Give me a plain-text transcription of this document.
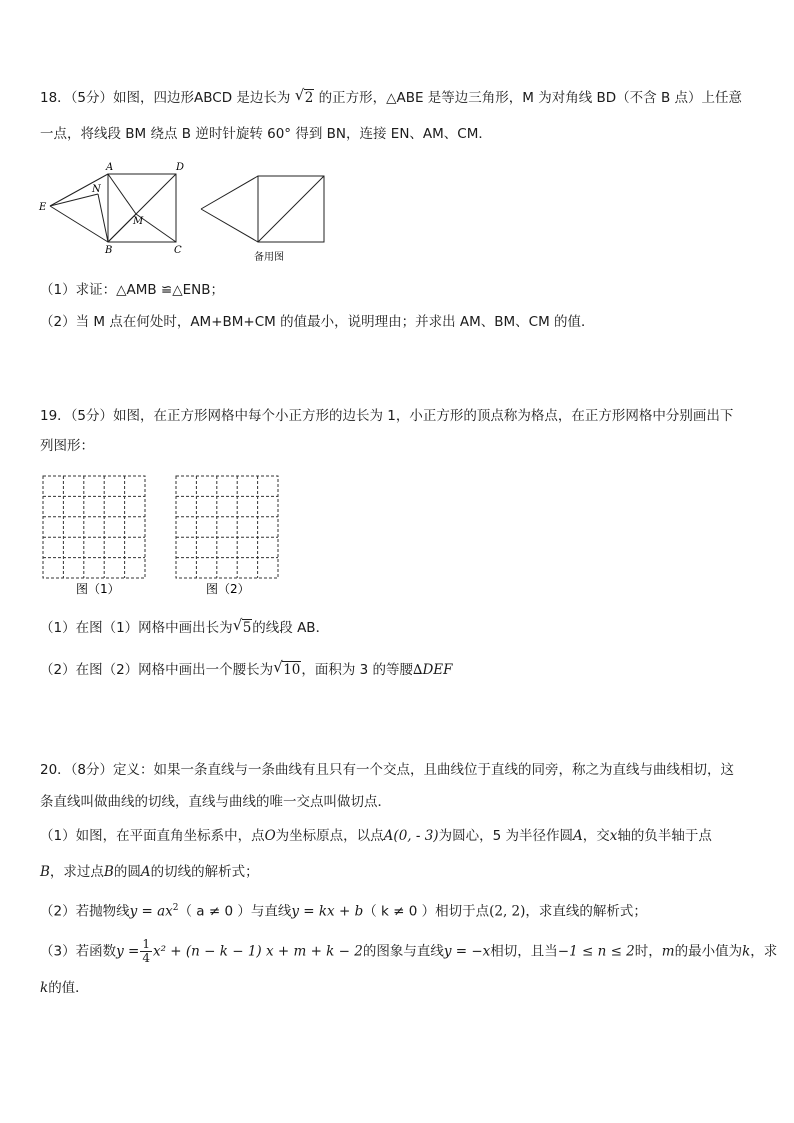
18．（5分）如图，四边形ABCD 是边长为 √ 2 的正方形，△ABE 是等边三角形，M 为对角线 BD（不含 B 点）上任意
一点，将线段 BM 绕点 B 逆时针旋转 60° 得到 BN，连接 EN、AM、CM．
A	D
B	C
E
M
N
备用图
（1）求证：△AMB ≌△ENB；
（2）当 M 点在何处时，AM+BM+CM 的值最小，说明理由；并求出 AM、BM、CM 的值．
19．（5分）如图，在正方形网格中每个小正方形的边长为 1，小正方形的顶点称为格点，在正方形网格中分别画出下
列图形：
图（1）	图（2）
（1）在图（1）网格中画出长为 √ 5的线段 AB．
（2）在图（2）网格中画出一个腰长为 √ 10，面积为 3 的等腰∆DEF
20．（8分）定义：如果一条直线与一条曲线有且只有一个交点，且曲线位于直线的同旁，称之为直线与曲线相切，这
条直线叫做曲线的切线，直线与曲线的唯一交点叫做切点．
（1）如图，在平面直角坐标系中，点O为坐标原点，以点A(0, - 3)为圆心，5 为半径作圆A，交x轴的负半轴于点
B，求过点B的圆A的切线的解析式；
（2）若抛物线$y = ax^2$（ a ≠ 0 ）与直线y = kx + b（ k ≠ 0 ）相切于点(2, 2)，求直线的解析式；
（3）若函数$y = \frac{1}{4} x^2 + (n - k - 1) x + m + k - 2$的图象与直线y = −x相切，且当−1 ≤ n ≤ 2时，m的最小值为k，求
k的值．
